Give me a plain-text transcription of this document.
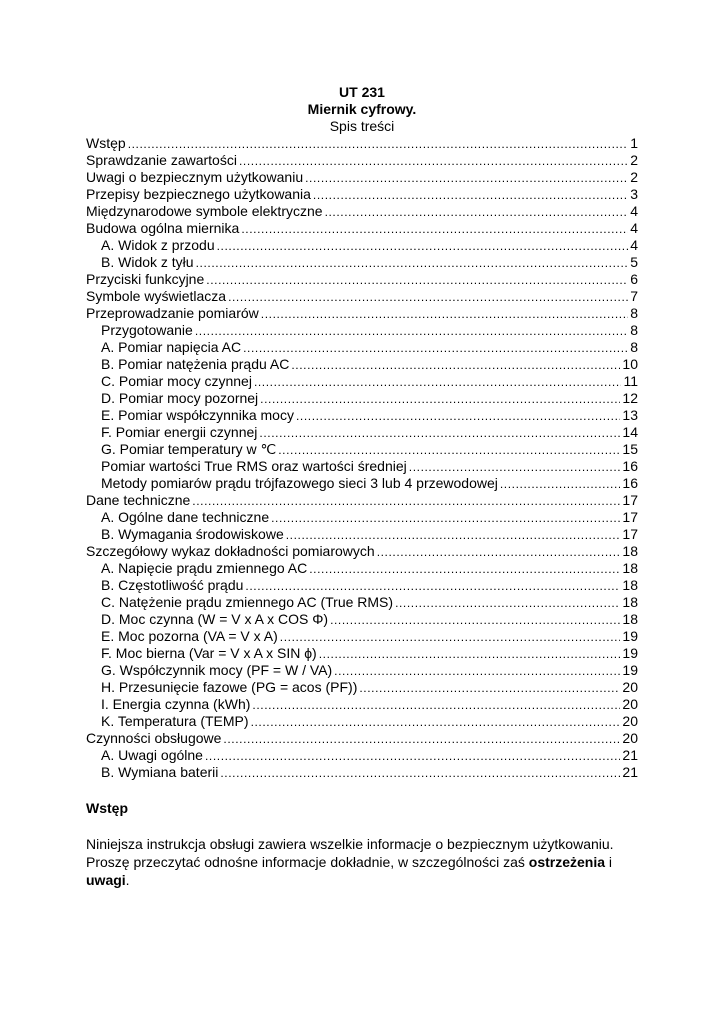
UT 231
Miernik cyfrowy.
Spis treści
Wstęp .....	1
Sprawdzanie zawartości .....	2
Uwagi o bezpiecznym użytkowaniu .....	2
Przepisy bezpiecznego użytkowania .....	3
Międzynarodowe symbole elektryczne .....	4
Budowa ogólna miernika .....	4
A. Widok z przodu .....	4
B. Widok z tyłu .....	5
Przyciski funkcyjne .....	6
Symbole wyświetlacza .....	7
Przeprowadzanie pomiarów .....	8
Przygotowanie .....	8
A. Pomiar napięcia AC .....	8
B. Pomiar natężenia prądu AC .....	10
C. Pomiar mocy czynnej .....	11
D. Pomiar mocy pozornej .....	12
E. Pomiar współczynnika mocy .....	13
F. Pomiar energii czynnej .....	14
G. Pomiar temperatury w ℃ .....	15
Pomiar wartości True RMS oraz wartości średniej .....	16
Metody pomiarów prądu trójfazowego sieci 3 lub 4 przewodowej .....	16
Dane techniczne .....	17
A. Ogólne dane techniczne .....	17
B. Wymagania środowiskowe .....	17
Szczegółowy wykaz dokładności pomiarowych .....	18
A. Napięcie prądu zmiennego AC .....	18
B. Częstotliwość prądu .....	18
C. Natężenie prądu zmiennego AC (True RMS) .....	18
D. Moc czynna (W = V x A x COS Φ) .....	18
E. Moc pozorna (VA = V x A) .....	19
F. Moc bierna (Var = V x A x SIN ϕ) .....	19
G. Współczynnik mocy (PF = W / VA) .....	19
H. Przesunięcie fazowe (PG = acos (PF)) .....	20
I. Energia czynna (kWh) .....	20
K. Temperatura (TEMP) .....	20
Czynności obsługowe .....	20
A. Uwagi ogólne .....	21
B. Wymiana baterii .....	21
Wstęp
Niniejsza instrukcja obsługi zawiera wszelkie informacje o bezpiecznym użytkowaniu. Proszę przeczytać odnośne informacje dokładnie, w szczególności zaś ostrzeżenia i uwagi.
